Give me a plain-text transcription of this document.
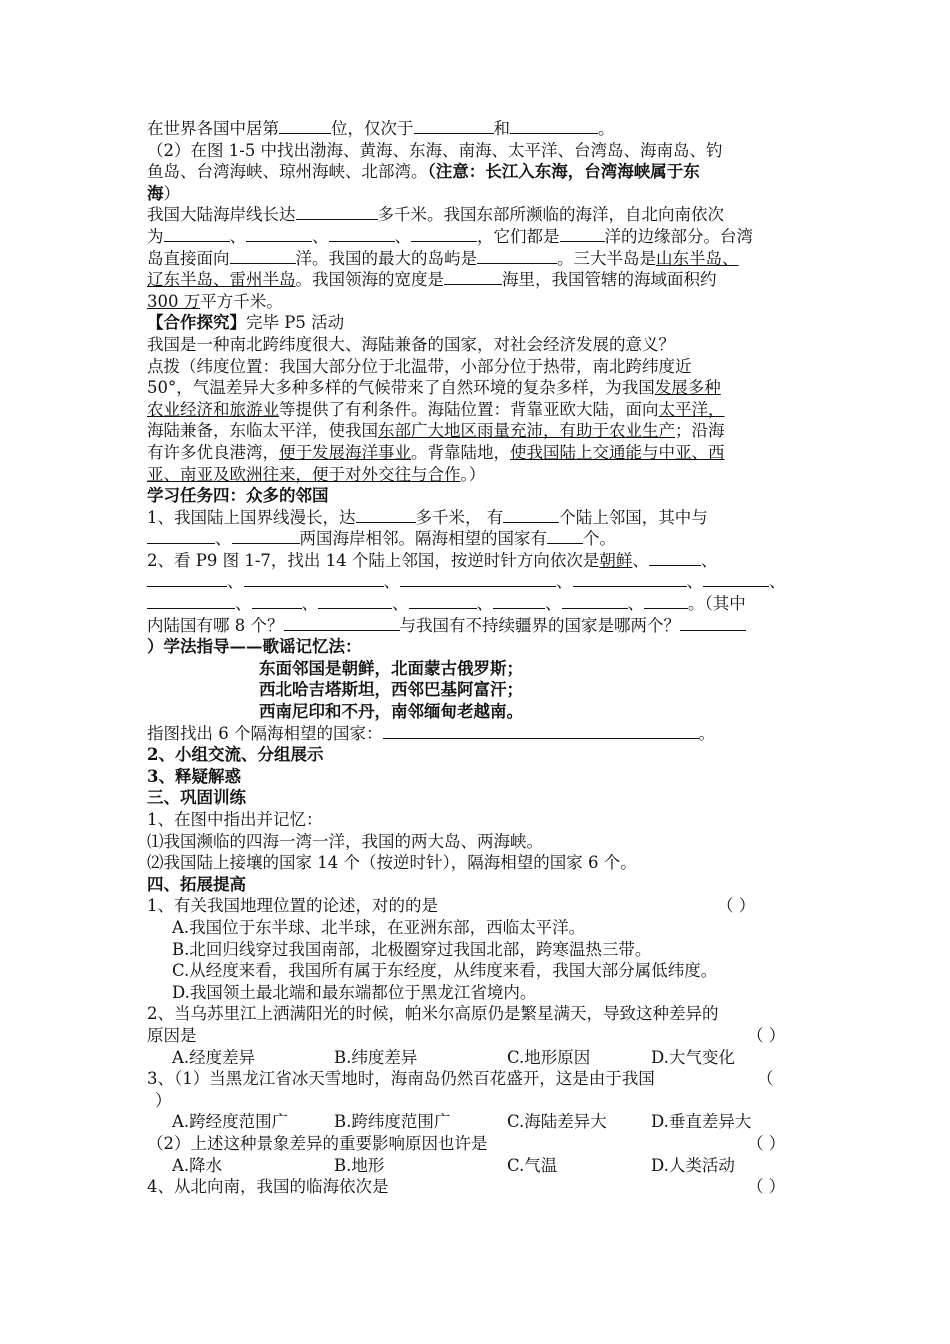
在世界各国中居第	位，仅次于	和	。
（2）在图 1-5 中找出渤海、黄海、东海、南海、太平洋、台湾岛、海南岛、钓
鱼岛、台湾海峡、琼州海峡、北部湾。（注意：长江入东海，台湾海峡属于东
海）
我国大陆海岸线长达	多千米。我国东部所濒临的海洋，自北向南依次
为	、	、	、	，它们都是	洋的边缘部分。台湾
岛直接面向	洋。我国的最大的岛屿是	。三大半岛是山东半岛、
辽东半岛、雷州半岛。我国领海的宽度是	海里，我国管辖的海域面积约
300 万平方千米。
【合作探究】完毕 P5 活动
我国是一种南北跨纬度很大、海陆兼备的国家，对社会经济发展的意义？
点拨（纬度位置：我国大部分位于北温带，小部分位于热带，南北跨纬度近
50°，气温差异大多种多样的气候带来了自然环境的复杂多样，为我国发展多种
农业经济和旅游业等提供了有利条件。海陆位置：背靠亚欧大陆，面向太平洋，
海陆兼备，东临太平洋，使我国东部广大地区雨量充沛，有助于农业生产；沿海
有许多优良港湾，便于发展海洋事业。背靠陆地，使我国陆上交通能与中亚、西
亚、南亚及欧洲往来，便于对外交往与合作。）
学习任务四：众多的邻国
1、我国陆上国界线漫长，达	多千米， 有	个陆上邻国，其中与
、	两国海岸相邻。隔海相望的国家有 个。
2、看 P9 图 1-7，找出 14 个陆上邻国，按逆时针方向依次是朝鲜、	、
、	、	、	、	、
、	、	、	、	、	、	。（其中
内陆国有哪 8 个？	与我国有不持续疆界的国家是哪两个？
）学法指导——歌谣记忆法：
东面邻国是朝鲜，北面蒙古俄罗斯；
西北哈吉塔斯坦，西邻巴基阿富汗；
西南尼印和不丹，南邻缅甸老越南。
指图找出 6 个隔海相望的国家：	。
2、小组交流、分组展示
3、释疑解惑
三、巩固训练
1、在图中指出并记忆：
⑴我国濒临的四海一湾一洋，我国的两大岛、两海峡。
⑵我国陆上接壤的国家 14 个（按逆时针），隔海相望的国家 6 个。
四、拓展提高
1、有关我国地理位置的论述，对的的是	（ ）
A.我国位于东半球、北半球，在亚洲东部，西临太平洋。
B.北回归线穿过我国南部，北极圈穿过我国北部，跨寒温热三带。
C.从经度来看，我国所有属于东经度，从纬度来看，我国大部分属低纬度。
D.我国领土最北端和最东端都位于黑龙江省境内。
2、当乌苏里江上洒满阳光的时候，帕米尔高原仍是繁星满天，导致这种差异的
原因是	（ ）
A.经度差异	B.纬度差异	C.地形原因	D.大气变化
3、（1）当黑龙江省冰天雪地时，海南岛仍然百花盛开，这是由于我国	（
）
A.跨经度范围广	B.跨纬度范围广	C.海陆差异大	D.垂直差异大
（2）上述这种景象差异的重要影响原因也许是	（ ）
A.降水	B.地形	C.气温	D.人类活动
4、从北向南，我国的临海依次是	（ ）
